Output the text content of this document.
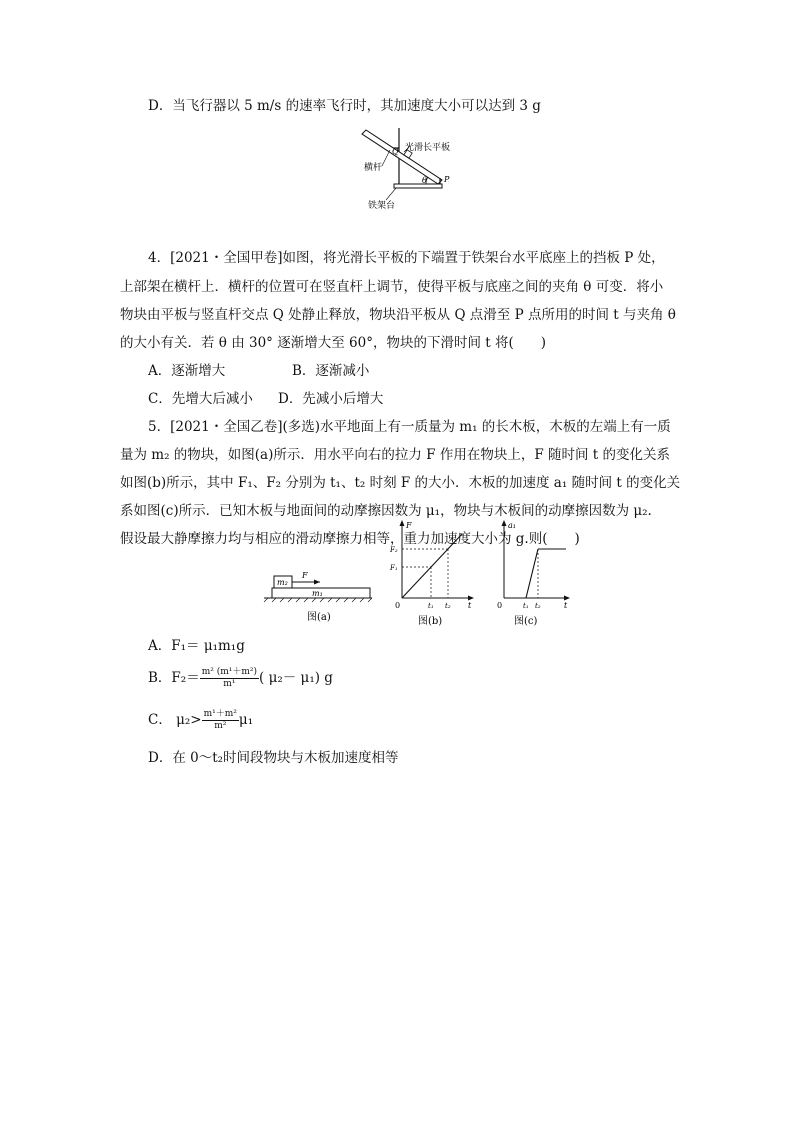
D．当飞行器以 5 m/s 的速率飞行时，其加速度大小可以达到 3 g
Q 光滑长平板
横杆
θ P
铁架台
4．[2021・全国甲卷]如图，将光滑长平板的下端置于铁架台水平底座上的挡板 P 处，
上部架在横杆上．横杆的位置可在竖直杆上调节，使得平板与底座之间的夹角 θ 可变．将小
物块由平板与竖直杆交点 Q 处静止释放，物块沿平板从 Q 点滑至 P 点所用的时间 t 与夹角 θ
的大小有关．若 θ 由 30° 逐渐增大至 60°，物块的下滑时间 t 将(　　)
A．逐渐增大	B．逐渐减小
C．先增大后减小 D．先减小后增大
5．[2021・全国乙卷](多选)水平地面上有一质量为 m₁ 的长木板，木板的左端上有一质
量为 m₂ 的物块，如图(a)所示．用水平向右的拉力 F 作用在物块上，F 随时间 t 的变化关系
如图(b)所示，其中 F₁、F₂ 分别为 t₁、t₂ 时刻 F 的大小．木板的加速度 a₁ 随时间 t 的变化关
系如图(c)所示．已知木板与地面间的动摩擦因数为 μ₁，物块与木板间的动摩擦因数为 μ₂.
假设最大静摩擦力均与相应的滑动摩擦力相等，重力加速度大小为 g.则(　　)
m₂
F
m₁
图(a)
F
F₂
F₁
0	t₁ t₂ t
图(b)
a₁
0	t₁ t₂	t
图(c)
A．F₁＝ μ₁m₁g
B．$F_2= \frac{\text{m² (m¹＋m²)}}{\text{m¹}}$ ( μ₂－ μ₁) g
C． $\mu_2> \frac{\text{m¹＋m²}}{\text{m²}} \mu_1$
D．在 0～t₂时间段物块与木板加速度相等
